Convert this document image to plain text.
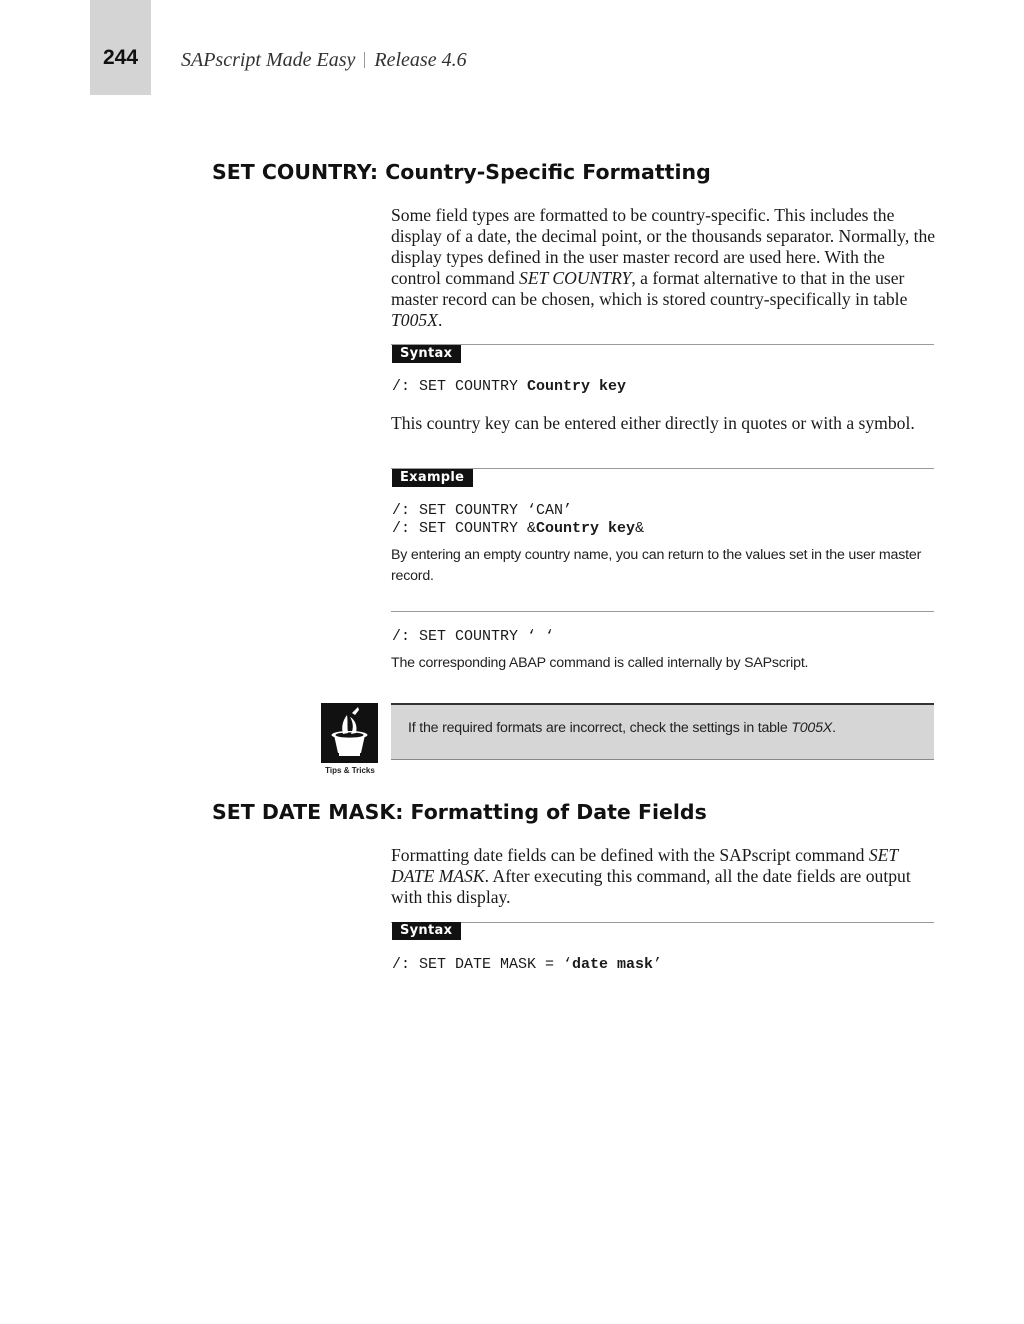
244	SAPscript Made Easy Release 4.6
SET COUNTRY: Country-Specific Formatting

Some field types are formatted to be country-specific. This includes the display of a date, the decimal point, or the thousands separator. Normally, the display types defined in the user master record are used here. With the control command SET COUNTRY, a format alternative to that in the user master record can be chosen, which is stored country-specifically in table T005X.

Syntax

/: SET COUNTRY Country key

This country key can be entered either directly in quotes or with a symbol.

Example

/: SET COUNTRY ‘CAN’

/: SET COUNTRY &Country key&

By entering an empty country name, you can return to the values set in the user master record.

/: SET COUNTRY ‘ ‘

The corresponding ABAP command is called internally by SAPscript.

Tips & Tricks
If the required formats are incorrect, check the settings in table T005X.
SET DATE MASK: Formatting of Date Fields

Formatting date fields can be defined with the SAPscript command SET DATE MASK. After executing this command, all the date fields are output with this display.

Syntax

/: SET DATE MASK = ‘date mask’
